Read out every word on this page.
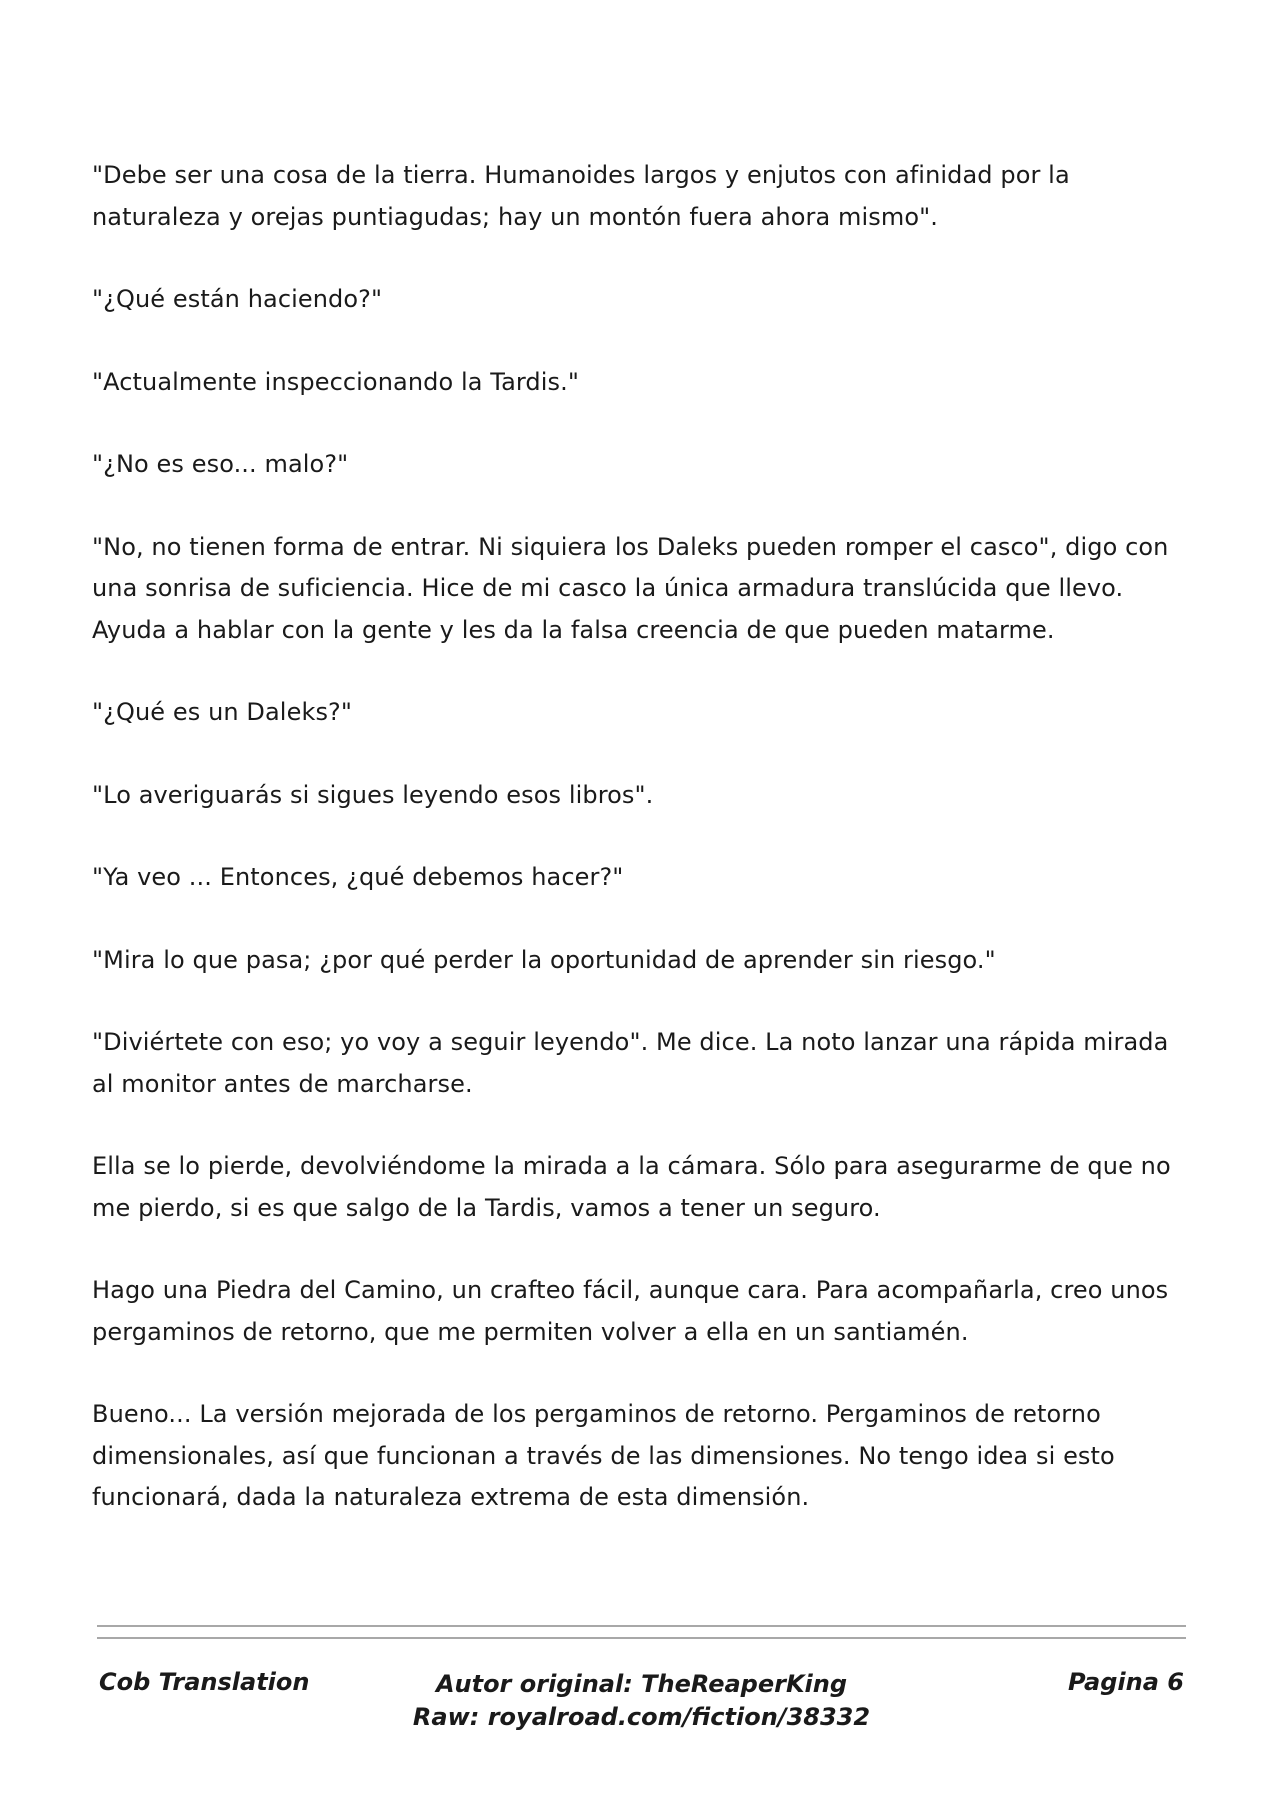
"Debe ser una cosa de la tierra. Humanoides largos y enjutos con afinidad por la naturaleza y orejas puntiagudas; hay un montón fuera ahora mismo".

"¿Qué están haciendo?"

"Actualmente inspeccionando la Tardis."

"¿No es eso... malo?"

"No, no tienen forma de entrar. Ni siquiera los Daleks pueden romper el casco", digo con una sonrisa de suficiencia. Hice de mi casco la única armadura translúcida que llevo. Ayuda a hablar con la gente y les da la falsa creencia de que pueden matarme.

"¿Qué es un Daleks?"

"Lo averiguarás si sigues leyendo esos libros".

"Ya veo ... Entonces, ¿qué debemos hacer?"

"Mira lo que pasa; ¿por qué perder la oportunidad de aprender sin riesgo."

"Diviértete con eso; yo voy a seguir leyendo". Me dice. La noto lanzar una rápida mirada al monitor antes de marcharse.

Ella se lo pierde, devolviéndome la mirada a la cámara. Sólo para asegurarme de que no me pierdo, si es que salgo de la Tardis, vamos a tener un seguro.

Hago una Piedra del Camino, un crafteo fácil, aunque cara. Para acompañarla, creo unos pergaminos de retorno, que me permiten volver a ella en un santiamén.

Bueno... La versión mejorada de los pergaminos de retorno. Pergaminos de retorno dimensionales, así que funcionan a través de las dimensiones. No tengo idea si esto funcionará, dada la naturaleza extrema de esta dimensión.

Cob Translation	Autor original: TheReaperKing
Raw: royalroad.com/fiction/38332
Pagina 6
